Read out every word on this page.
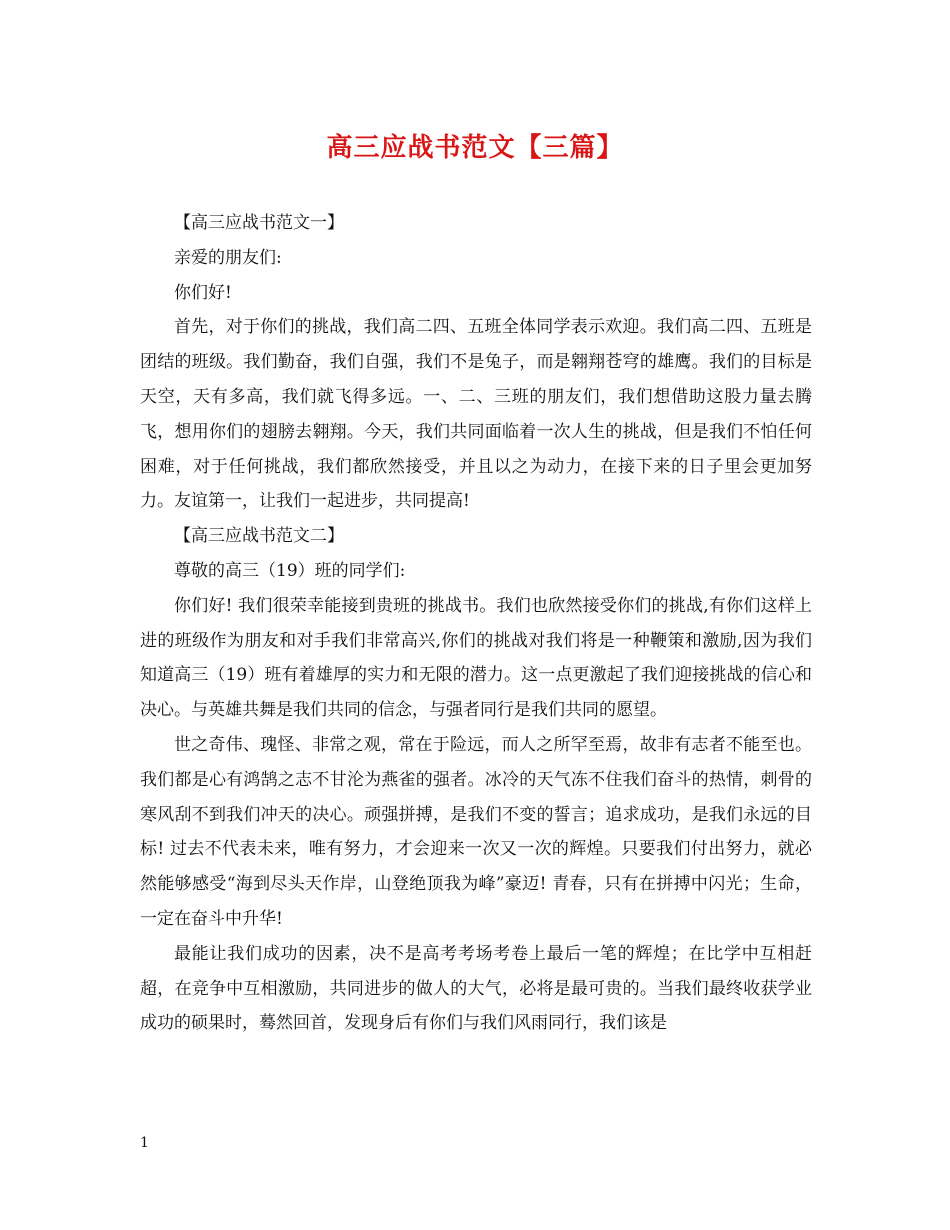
高三应战书范文【三篇】

【高三应战书范文一】

亲爱的朋友们:

你们好!

首先，对于你们的挑战，我们高二四、五班全体同学表示欢迎。我们高二四、五班是团结的班级。我们勤奋，我们自强，我们不是兔子，而是翱翔苍穹的雄鹰。我们的目标是天空，天有多高，我们就飞得多远。一、二、三班的朋友们，我们想借助这股力量去腾飞，想用你们的翅膀去翱翔。今天，我们共同面临着一次人生的挑战，但是我们不怕任何困难，对于任何挑战，我们都欣然接受，并且以之为动力，在接下来的日子里会更加努力。友谊第一，让我们一起进步，共同提高!

【高三应战书范文二】

尊敬的高三（19）班的同学们:

你们好! 我们很荣幸能接到贵班的挑战书。我们也欣然接受你们的挑战,有你们这样上进的班级作为朋友和对手我们非常高兴,你们的挑战对我们将是一种鞭策和激励,因为我们知道高三（19）班有着雄厚的实力和无限的潜力。这一点更激起了我们迎接挑战的信心和决心。与英雄共舞是我们共同的信念，与强者同行是我们共同的愿望。

世之奇伟、瑰怪、非常之观，常在于险远，而人之所罕至焉，故非有志者不能至也。我们都是心有鸿鹄之志不甘沦为燕雀的强者。冰冷的天气冻不住我们奋斗的热情，刺骨的寒风刮不到我们冲天的决心。顽强拼搏，是我们不变的誓言；追求成功，是我们永远的目标! 过去不代表未来，唯有努力，才会迎来一次又一次的辉煌。只要我们付出努力，就必然能够感受“海到尽头天作岸，山登绝顶我为峰”豪迈! 青春，只有在拼搏中闪光；生命，一定在奋斗中升华!

最能让我们成功的因素，决不是高考考场考卷上最后一笔的辉煌；在比学中互相赶超，在竞争中互相激励，共同进步的做人的大气，必将是最可贵的。当我们最终收获学业成功的硕果时，蓦然回首，发现身后有你们与我们风雨同行，我们该是

1
